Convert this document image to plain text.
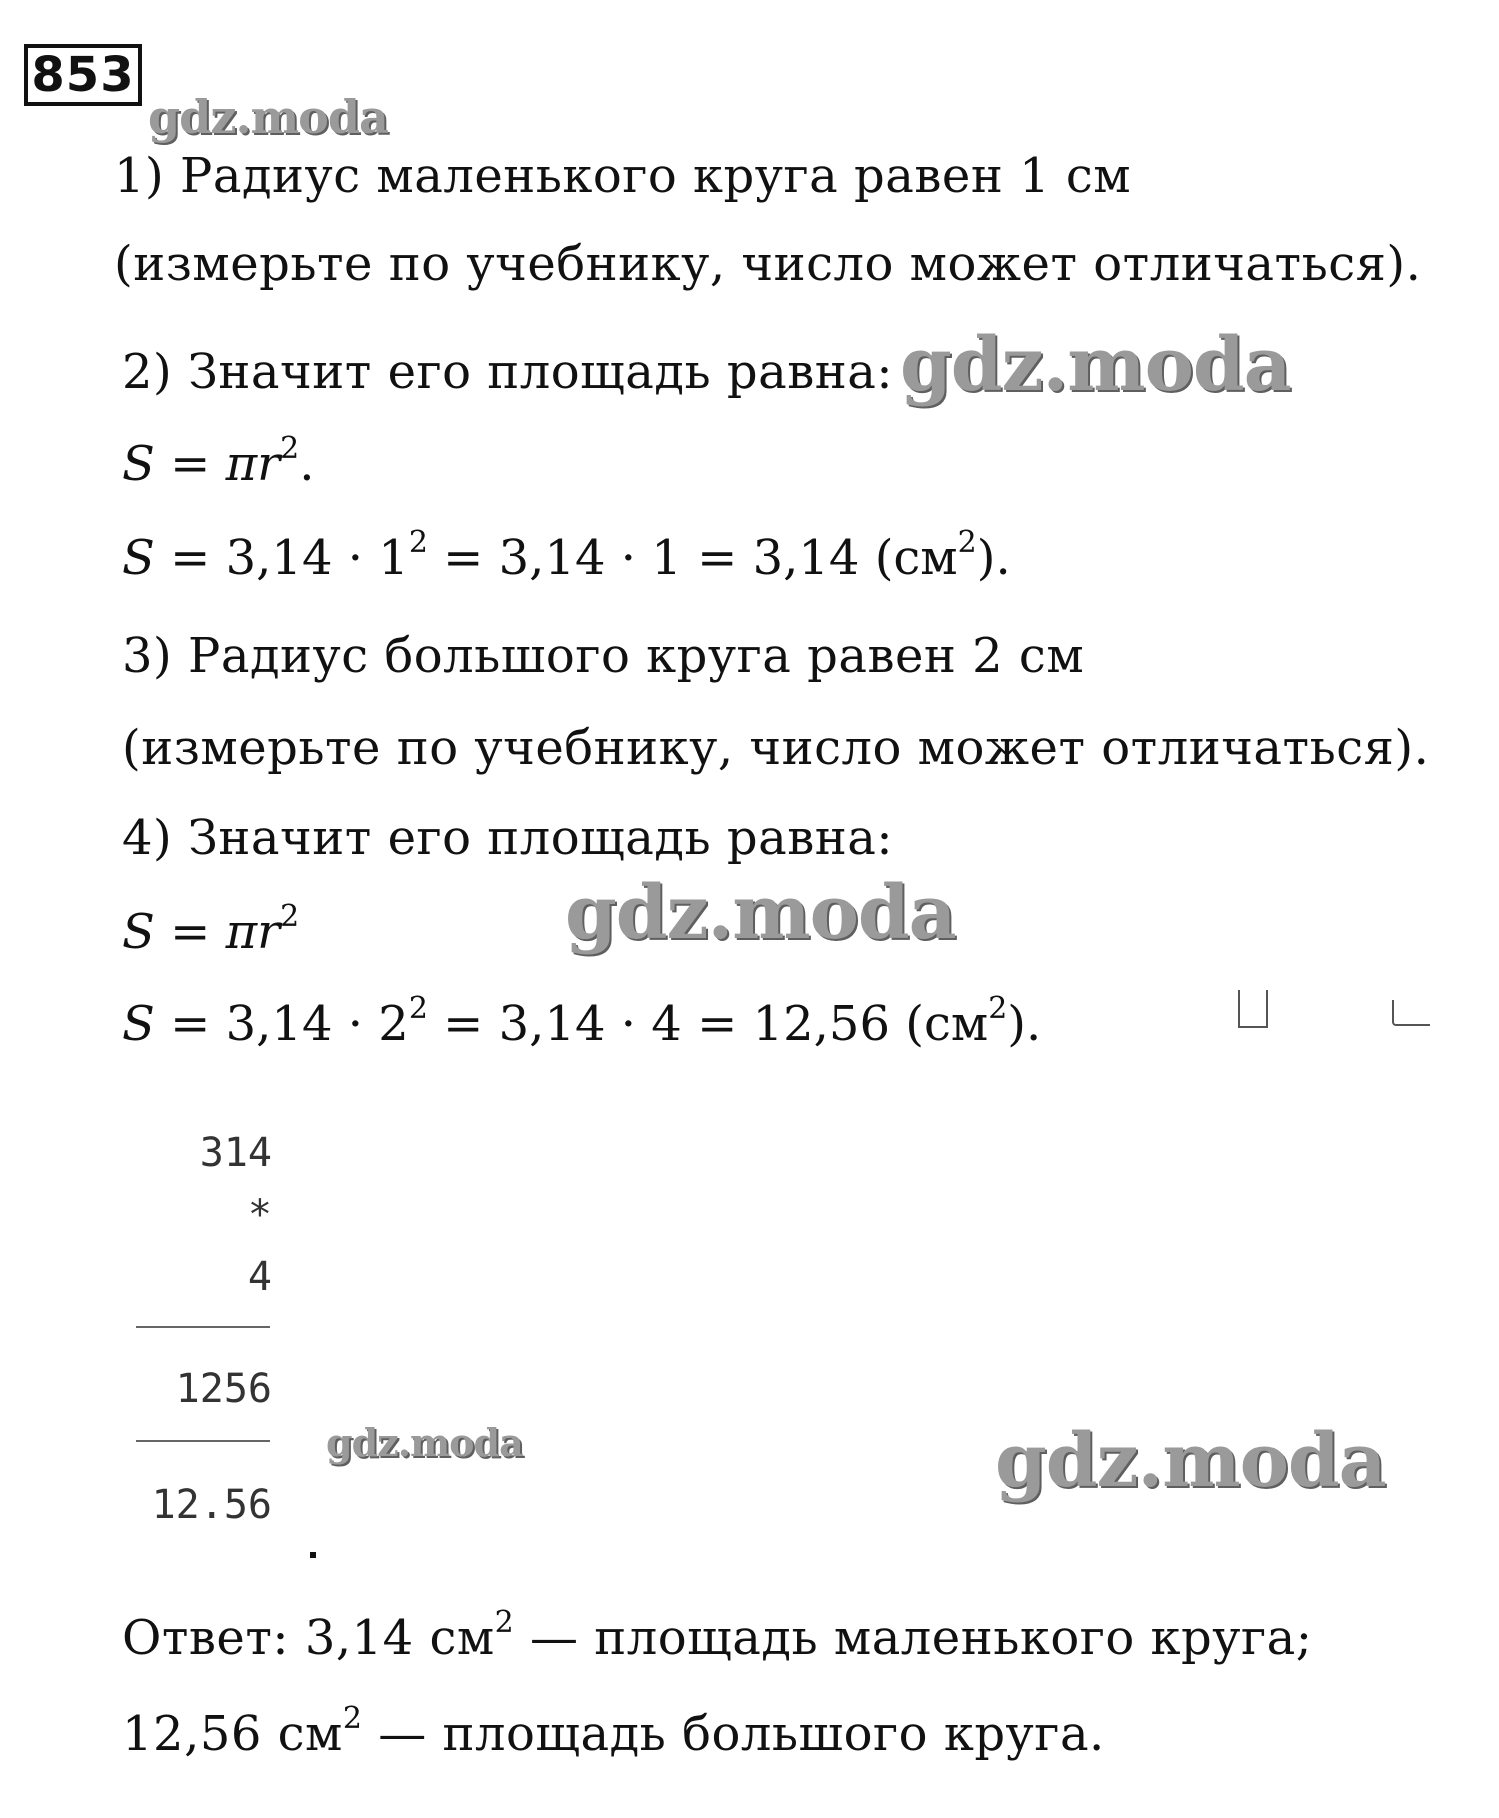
853
gdz.moda
gdz.moda
gdz.moda
gdz.moda	gdz.moda
1) Радиус маленького круга равен 1 см
(измерьте по учебнику, число может отличаться).
2) Значит его площадь равна:
$S = \pi r^2$.
$S = 3,14 \cdot 1^2 = 3,14 \cdot 1 = 3,14$ $(см^2)$.
3) Радиус большого круга равен 2 см
(измерьте по учебнику, число может отличаться).
4) Значит его площадь равна:
$S = \pi r^2$
$S = 3,14 \cdot 2^2 = 3,14 \cdot 4 = 12,56$ $(см^2)$.
314
*
4
1256
12.56
Ответ: 3,14 $см^2$ — площадь маленького круга;
12,56 $см^2$ — площадь большого круга.
